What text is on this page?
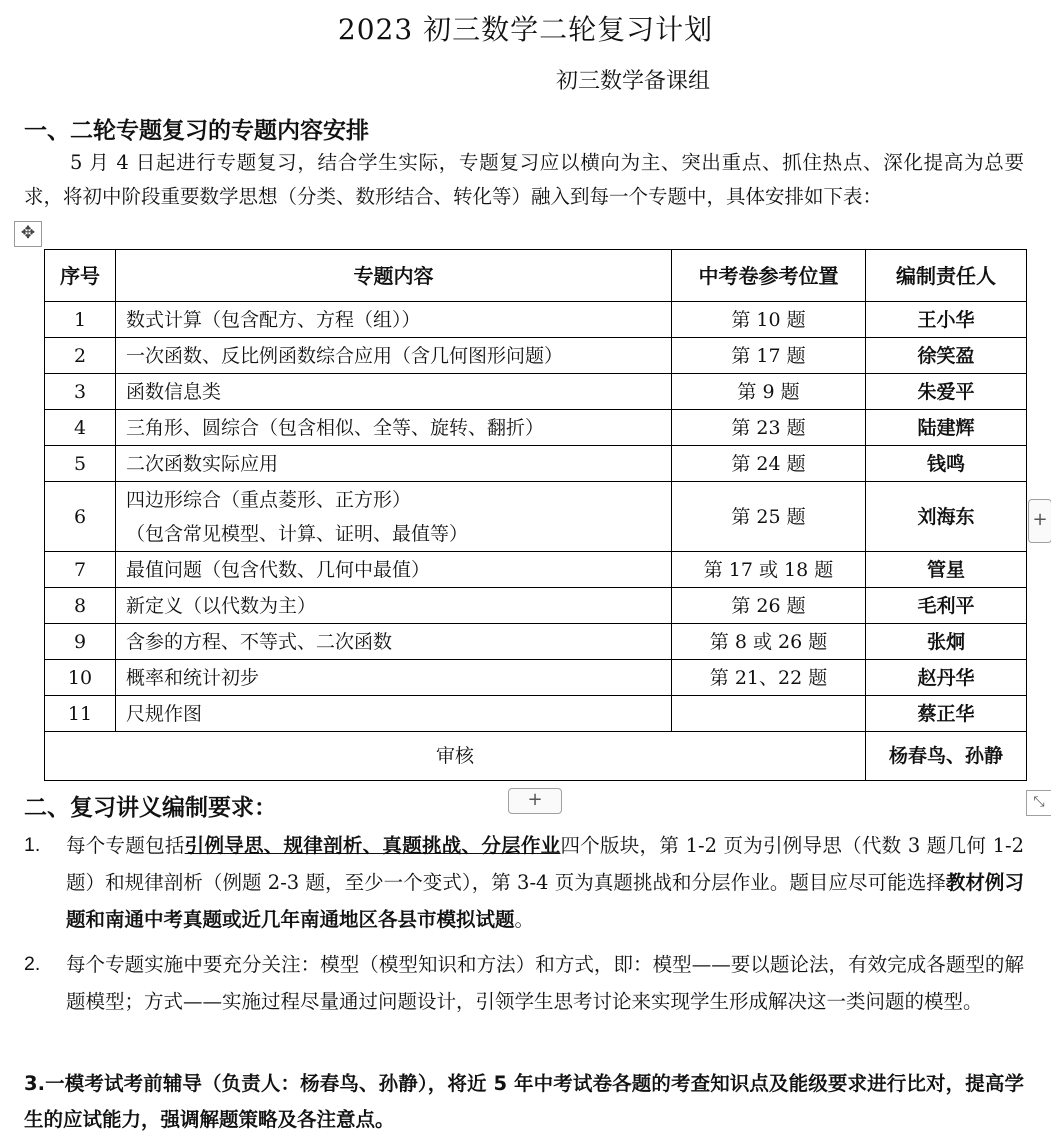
2023 初三数学二轮复习计划
初三数学备课组
一、二轮专题复习的专题内容安排
5 月 4 日起进行专题复习，结合学生实际，专题复习应以横向为主、突出重点、抓住热点、深化提高为总要求，将初中阶段重要数学思想（分类、数形结合、转化等）融入到每一个专题中，具体安排如下表：
✥
序号	专题内容	中考卷参考位置	编制责任人
1	数式计算（包含配方、方程（组））	第 10 题	王小华
2	一次函数、反比例函数综合应用（含几何图形问题）	第 17 题	徐笑盈
3	函数信息类	第 9 题	朱爱平
4	三角形、圆综合（包含相似、全等、旋转、翻折）	第 23 题	陆建辉
5	二次函数实际应用	第 24 题	钱鸣
6	四边形综合（重点菱形、正方形）
（包含常见模型、计算、证明、最值等）	第 25 题	刘海东
7	最值问题（包含代数、几何中最值）	第 17 或 18 题	管星
8	新定义（以代数为主）	第 26 题	毛利平
9	含参的方程、不等式、二次函数	第 8 或 26 题	张炯
10	概率和统计初步	第 21、22 题	赵丹华
11	尺规作图		蔡正华
审核			杨春鸟、孙静
+
+	⤡
二、复习讲义编制要求：
1.	每个专题包括引例导思、规律剖析、真题挑战、分层作业四个版块，第 1-2 页为引例导思（代数 3 题几何 1-2 题）和规律剖析（例题 2-3 题，至少一个变式），第 3-4 页为真题挑战和分层作业。题目应尽可能选择教材例习题和南通中考真题或近几年南通地区各县市模拟试题。
2.	每个专题实施中要充分关注：模型（模型知识和方法）和方式，即：模型——要以题论法，有效完成各题型的解题模型；方式——实施过程尽量通过问题设计，引领学生思考讨论来实现学生形成解决这一类问题的模型。
3.一模考试考前辅导（负责人：杨春鸟、孙静），将近 5 年中考试卷各题的考查知识点及能级要求进行比对，提高学生的应试能力，强调解题策略及各注意点。
